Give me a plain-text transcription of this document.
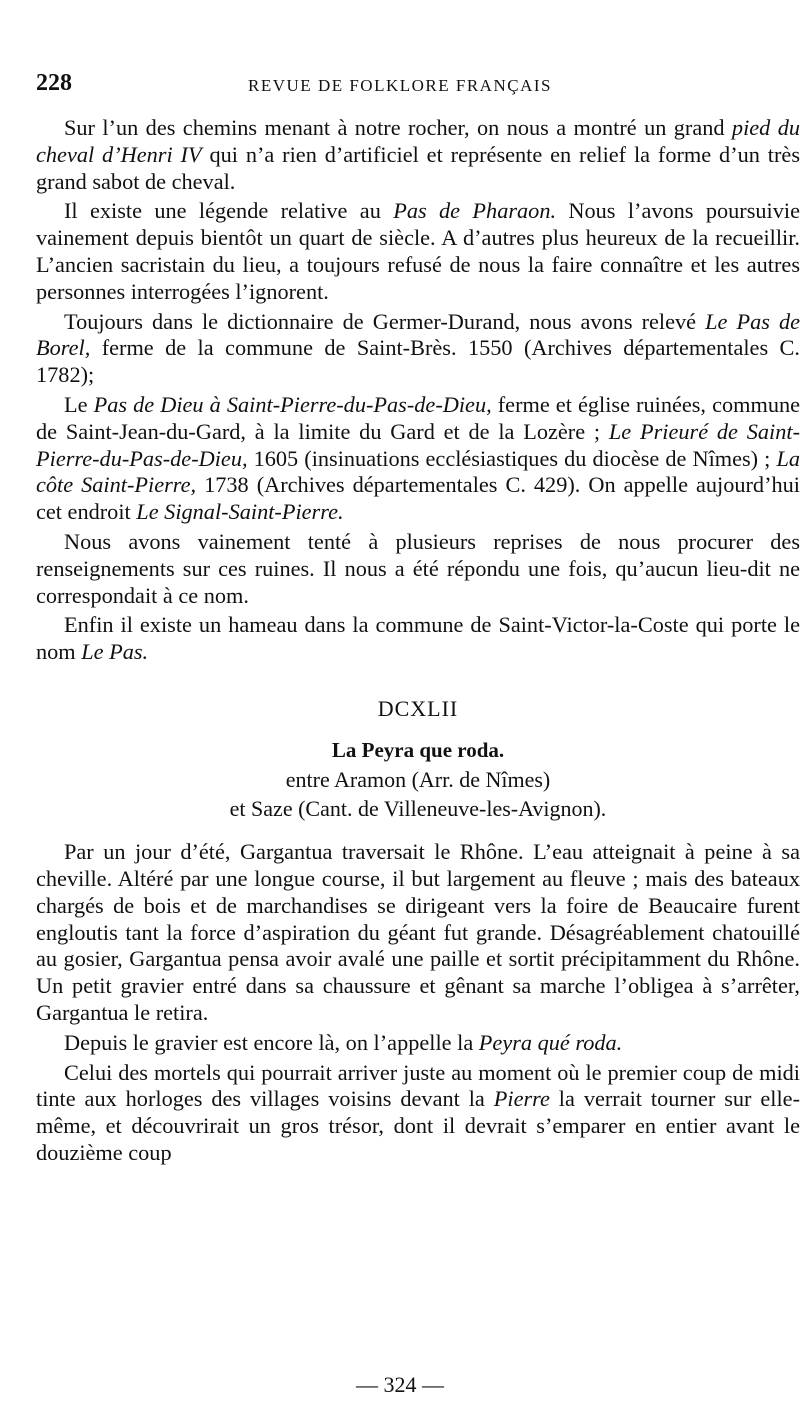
228	REVUE DE FOLKLORE FRANÇAIS

Sur l’un des chemins menant à notre rocher, on nous a montré un grand pied du cheval d’Henri IV qui n’a rien d’artificiel et représente en relief la forme d’un très grand sabot de cheval.

Il existe une légende relative au Pas de Pharaon. Nous l’avons poursuivie vainement depuis bientôt un quart de siècle. A d’autres plus heureux de la recueillir. L’ancien sacristain du lieu, a toujours refusé de nous la faire connaître et les autres personnes interrogées l’ignorent.

Toujours dans le dictionnaire de Germer-Durand, nous avons relevé Le Pas de Borel, ferme de la commune de Saint-Brès. 1550 (Archives départementales C. 1782);

Le Pas de Dieu à Saint-Pierre-du-Pas-de-Dieu, ferme et église ruinées, commune de Saint-Jean-du-Gard, à la limite du Gard et de la Lozère ; Le Prieuré de Saint-Pierre-du-Pas-de-Dieu, 1605 (insinuations ecclésiastiques du diocèse de Nîmes) ; La côte Saint-Pierre, 1738 (Archives départementales C. 429). On appelle aujourd’hui cet endroit Le Signal-Saint-Pierre.

Nous avons vainement tenté à plusieurs reprises de nous procurer des renseignements sur ces ruines. Il nous a été répondu une fois, qu’aucun lieu-dit ne correspondait à ce nom.

Enfin il existe un hameau dans la commune de Saint-Victor-la-Coste qui porte le nom Le Pas.

DCXLII

La Peyra que roda.

entre Aramon (Arr. de Nîmes)

et Saze (Cant. de Villeneuve-les-Avignon).

Par un jour d’été, Gargantua traversait le Rhône. L’eau atteignait à peine à sa cheville. Altéré par une longue course, il but largement au fleuve ; mais des bateaux chargés de bois et de marchandises se dirigeant vers la foire de Beaucaire furent engloutis tant la force d’aspiration du géant fut grande. Désagréablement chatouillé au gosier, Gargantua pensa avoir avalé une paille et sortit précipitamment du Rhône. Un petit gravier entré dans sa chaussure et gênant sa marche l’obligea à s’arrêter, Gargantua le retira.

Depuis le gravier est encore là, on l’appelle la Peyra qué roda.

Celui des mortels qui pourrait arriver juste au moment où le premier coup de midi tinte aux horloges des villages voisins devant la Pierre la verrait tourner sur elle-même, et découvrirait un gros trésor, dont il devrait s’emparer en entier avant le douzième coup

— 324 —
